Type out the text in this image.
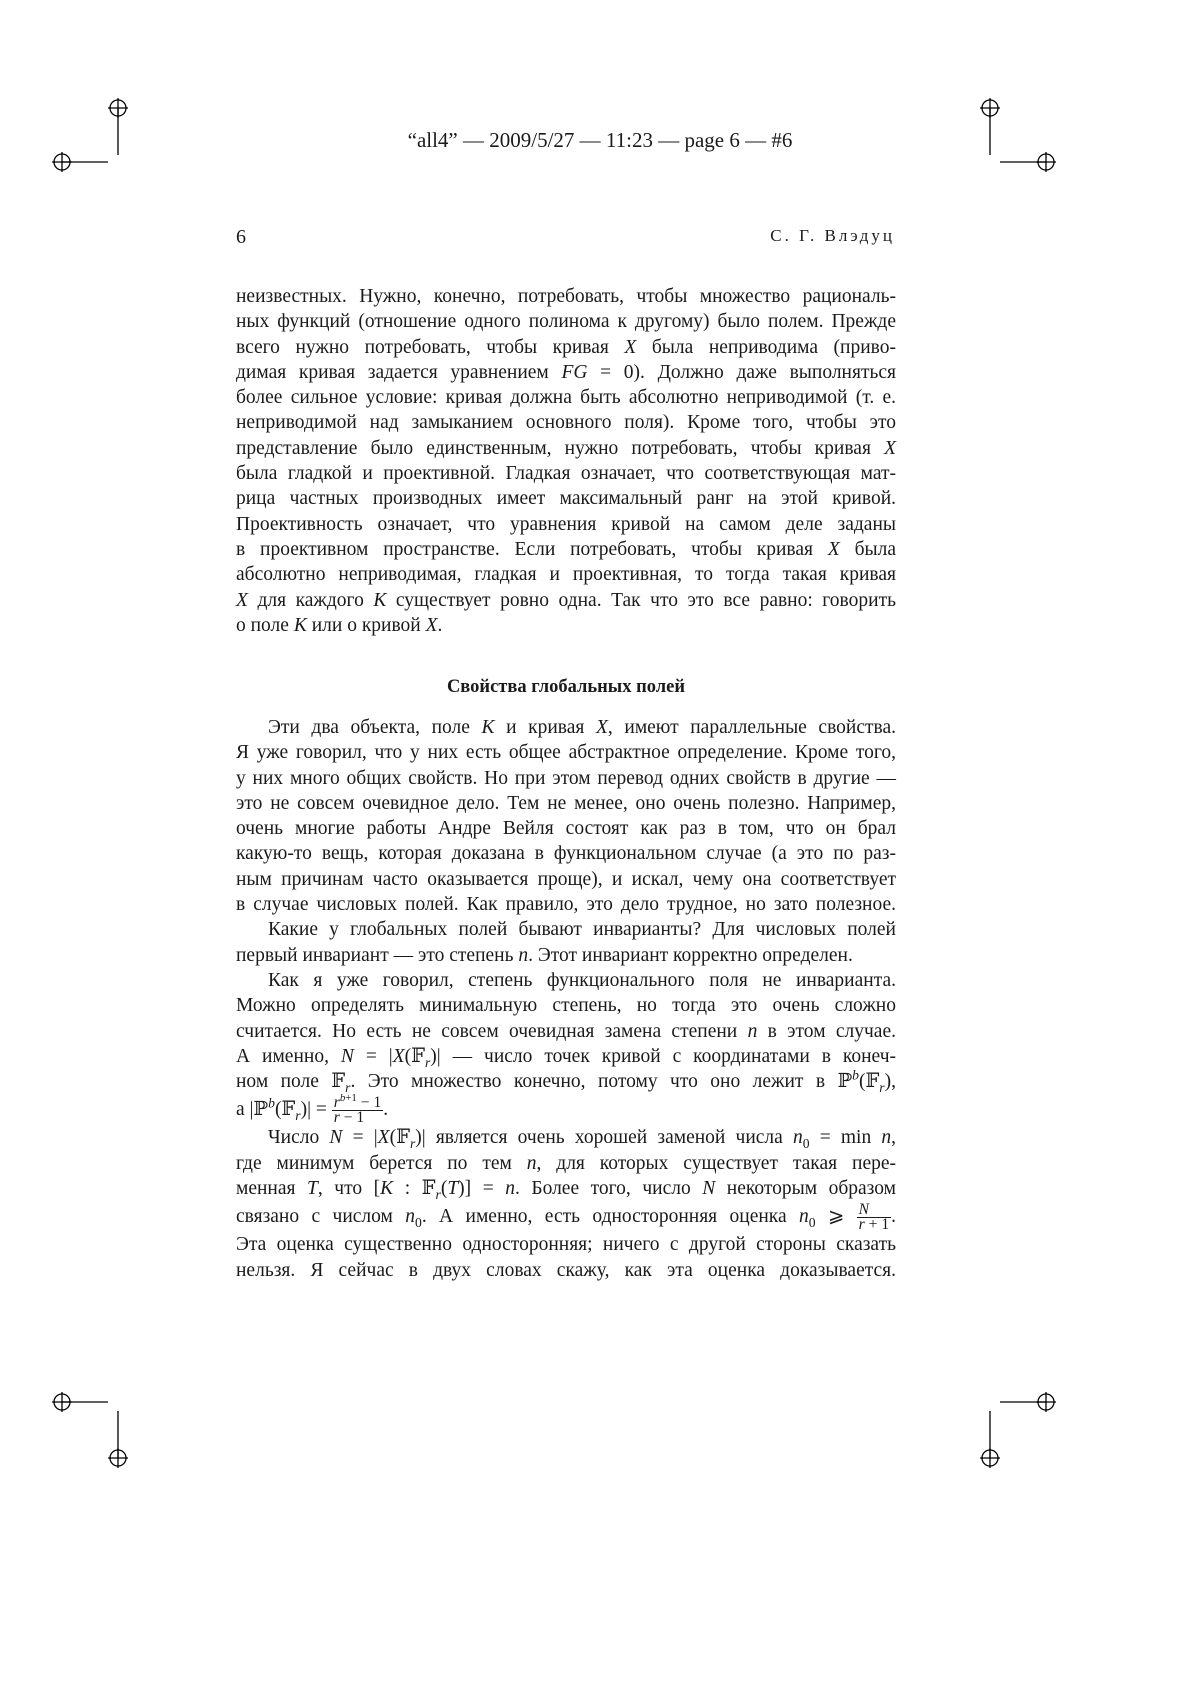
“all4” — 2009/5/27 — 11:23 — page 6 — #6
6	С. Г. Влэдуц
неизвестных. Нужно, конечно, потребовать, чтобы множество рациональ-
ных функций (отношение одного полинома к другому) было полем. Прежде
всего нужно потребовать, чтобы кривая X была неприводима (приво-
димая кривая задается уравнением FG = 0). Должно даже выполняться
более сильное условие: кривая должна быть абсолютно неприводимой (т. е.
неприводимой над замыканием основного поля). Кроме того, чтобы это
представление было единственным, нужно потребовать, чтобы кривая X
была гладкой и проективной. Гладкая означает, что соответствующая мат-
рица частных производных имеет максимальный ранг на этой кривой.
Проективность означает, что уравнения кривой на самом деле заданы
в проективном пространстве. Если потребовать, чтобы кривая X была
абсолютно неприводимая, гладкая и проективная, то тогда такая кривая
X для каждого K существует ровно одна. Так что это все равно: говорить
о поле K или о кривой X.
Свойства глобальных полей
Эти два объекта, поле K и кривая X, имеют параллельные свойства.
Я уже говорил, что у них есть общее абстрактное определение. Кроме того,
у них много общих свойств. Но при этом перевод одних свойств в другие —
это не совсем очевидное дело. Тем не менее, оно очень полезно. Например,
очень многие работы Андре Вейля состоят как раз в том, что он брал
какую-то вещь, которая доказана в функциональном случае (а это по раз-
ным причинам часто оказывается проще), и искал, чему она соответствует
в случае числовых полей. Как правило, это дело трудное, но зато полезное.
Какие у глобальных полей бывают инварианты? Для числовых полей
первый инвариант — это степень n. Этот инвариант корректно определен.
Как я уже говорил, степень функционального поля не инварианта.
Можно определять минимальную степень, но тогда это очень сложно
считается. Но есть не совсем очевидная замена степени n в этом случае.
А именно, N = |X(𝔽r)| — число точек кривой с координатами в конеч-
ном поле 𝔽r. Это множество конечно, потому что оно лежит в ℙb(𝔽r),
а |ℙb(𝔽r)| = rb+1 − 1
r − 1 .
Число N = |X(𝔽r)| является очень хорошей заменой числа n0 = min n,
где минимум берется по тем n, для которых существует такая пере-
менная T, что [K : 𝔽r(T)] = n. Более того, число N некоторым образом
связано с числом n0. А именно, есть односторонняя оценка n0 ⩾ N
r + 1 .
Эта оценка существенно односторонняя; ничего с другой стороны сказать
нельзя. Я сейчас в двух словах скажу, как эта оценка доказывается.
